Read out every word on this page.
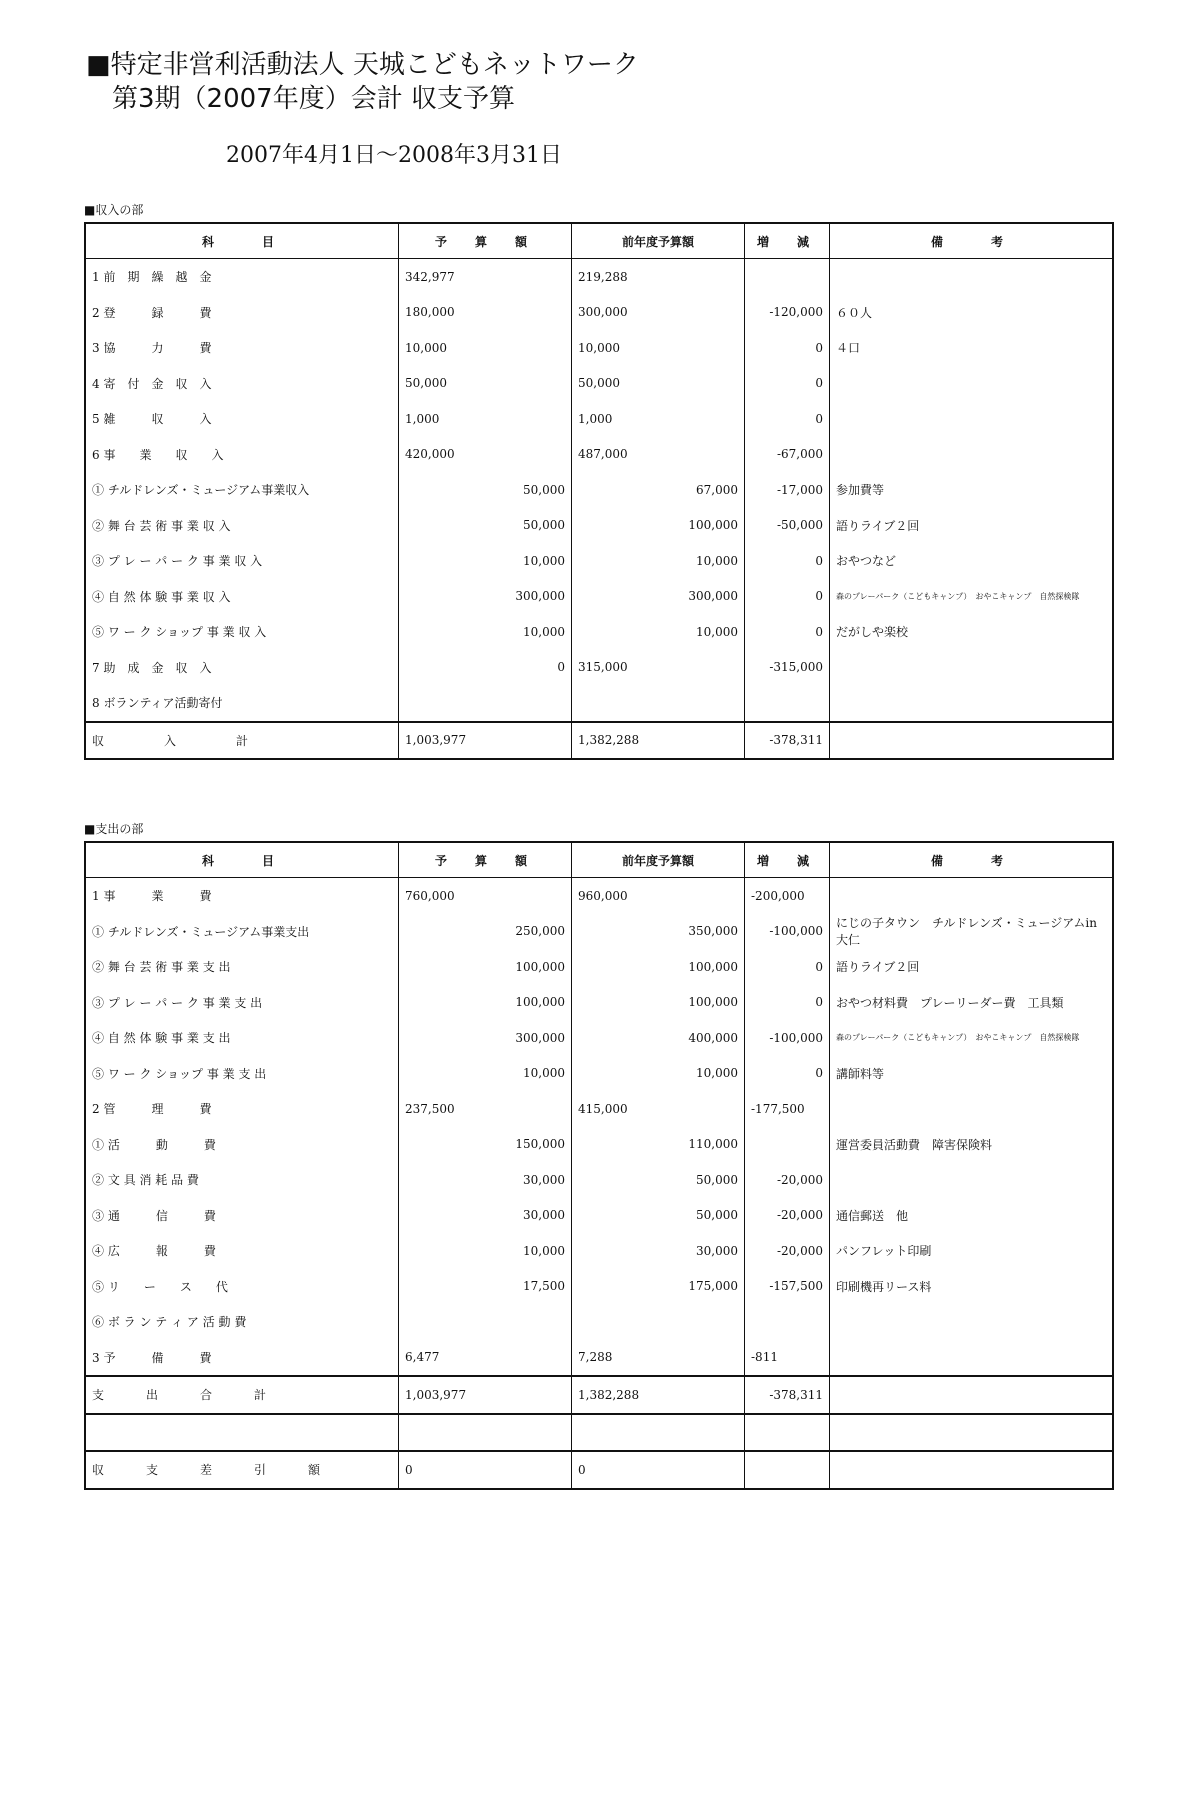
■特定非営利活動法人 天城こどもネットワーク

第3期（2007年度）会計 収支予算

2007年4月1日～2008年3月31日
■収入の部
科　　目	予　算　額	前年度予算額	増　減	備　　考
1 前　期　繰　越　金	342,977	219,288		
2 登　　　録　　　費	180,000	300,000	-120,000	６０人
3 協　　　力　　　費	10,000	10,000	0	４口
4 寄　付　金　収　入	50,000	50,000	0	
5 雑　　　収　　　入	1,000	1,000	0	
6 事　　業　　収　　入	420,000	487,000	-67,000	
① チルドレンズ・ミュージアム事業収入	50,000	67,000	-17,000	参加費等
② 舞 台 芸 術 事 業 収 入	50,000	100,000	-50,000	語りライブ２回
③ プ レ ー パ ー ク 事 業 収 入	10,000	10,000	0	おやつなど
④ 自 然 体 験 事 業 収 入	300,000	300,000	0	森のプレーパーク（こどもキャンプ）　おやこキャンプ　自然探検隊
⑤ ワ ー ク ショップ 事 業 収 入	10,000	10,000	0	だがしや楽校
7 助　成　金　収　入	0	315,000	-315,000	
8 ボランティア活動寄付				
収　　　入　　　計	1,003,977	1,382,288	-378,311	
■支出の部
科　　目	予　算　額	前年度予算額	増　減	備　　考
1 事　　　業　　　費	760,000	960,000	-200,000	
① チルドレンズ・ミュージアム事業支出	250,000	350,000	-100,000	にじの子タウン　チルドレンズ・ミュージアムin大仁
② 舞 台 芸 術 事 業 支 出	100,000	100,000	0	語りライブ２回
③ プ レ ー パ ー ク 事 業 支 出	100,000	100,000	0	おやつ材料費　プレーリーダー費　工具類
④ 自 然 体 験 事 業 支 出	300,000	400,000	-100,000	森のプレーパーク（こどもキャンプ）　おやこキャンプ　自然探検隊
⑤ ワ ー ク ショップ 事 業 支 出	10,000	10,000	0	講師料等
2 管　　　理　　　費	237,500	415,000	-177,500	
① 活　　　動　　　費	150,000	110,000		運営委員活動費　障害保険料
② 文 具 消 耗 品 費	30,000	50,000	-20,000	
③ 通　　　信　　　費	30,000	50,000	-20,000	通信郵送　他
④ 広　　　報　　　費	10,000	30,000	-20,000	パンフレット印刷
⑤ リ　　ー　　ス　　代	17,500	175,000	-157,500	印刷機再リース料
⑥ ボ ラ ン テ ィ ア 活 動 費				
3 予　　　備　　　費	6,477	7,288	-811	
支　　出　　合　　計	1,003,977	1,382,288	-378,311	

収　　支　　差　　引　　額	0	0		
